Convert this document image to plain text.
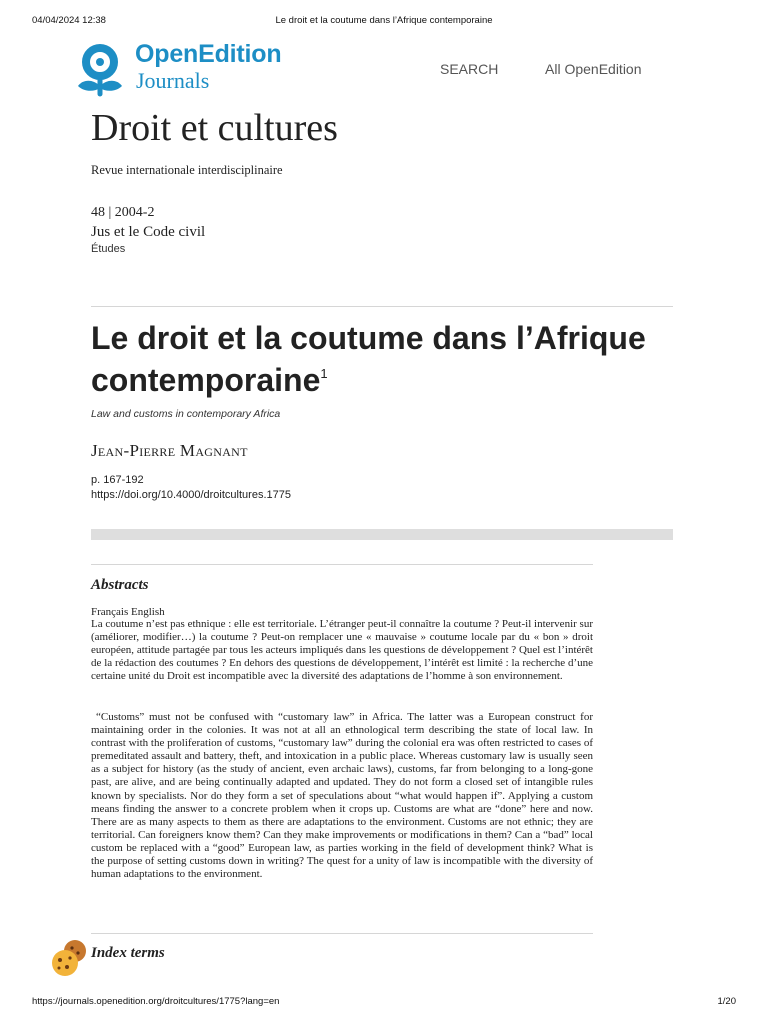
04/04/2024 12:38	Le droit et la coutume dans l’Afrique contemporaine
OpenEdition
Journals	SEARCH	All OpenEdition
Droit et cultures
Revue internationale interdisciplinaire
48 | 2004-2
Jus et le Code civil
Études
Le droit et la coutume dans l’Afrique contemporaine$^1$
Law and customs in contemporary Africa
Jean-Pierre Magnant
p. 167-192
https://doi.org/10.4000/droitcultures.1775
Abstracts
Français English

La coutume n’est pas ethnique : elle est territoriale. L’étranger peut-il connaître la coutume ? Peut-il intervenir sur (améliorer, modifier…) la coutume ? Peut-on remplacer une « mauvaise » coutume locale par du « bon » droit européen, attitude partagée par tous les acteurs impliqués dans les questions de développement ? Quel est l’intérêt de la rédaction des coutumes ? En dehors des questions de développement, l’intérêt est limité : la recherche d’une certaine unité du Droit est incompatible avec la diversité des adaptations de l’homme à son environnement.

“Customs” must not be confused with “customary law” in Africa. The latter was a European construct for maintaining order in the colonies. It was not at all an ethnological term describing the state of local law. In contrast with the proliferation of customs, “customary law” during the colonial era was often restricted to cases of premeditated assault and battery, theft, and intoxication in a public place. Whereas customary law is usually seen as a subject for history (as the study of ancient, even archaic laws), customs, far from belonging to a long-gone past, are alive, and are being continually adapted and updated. They do not form a closed set of intangible rules known by specialists. Nor do they form a set of speculations about “what would happen if”. Applying a custom means finding the answer to a concrete problem when it crops up. Customs are what are “done” here and now. There are as many aspects to them as there are adaptations to the environment. Customs are not ethnic; they are territorial. Can foreigners know them? Can they make improvements or modifications in them? Can a “bad” local custom be replaced with a “good” European law, as parties working in the field of development think? What is the purpose of setting customs down in writing? The quest for a unity of law is incompatible with the diversity of human adaptations to the environment.

Index terms
https://journals.openedition.org/droitcultures/1775?lang=en	1/20
